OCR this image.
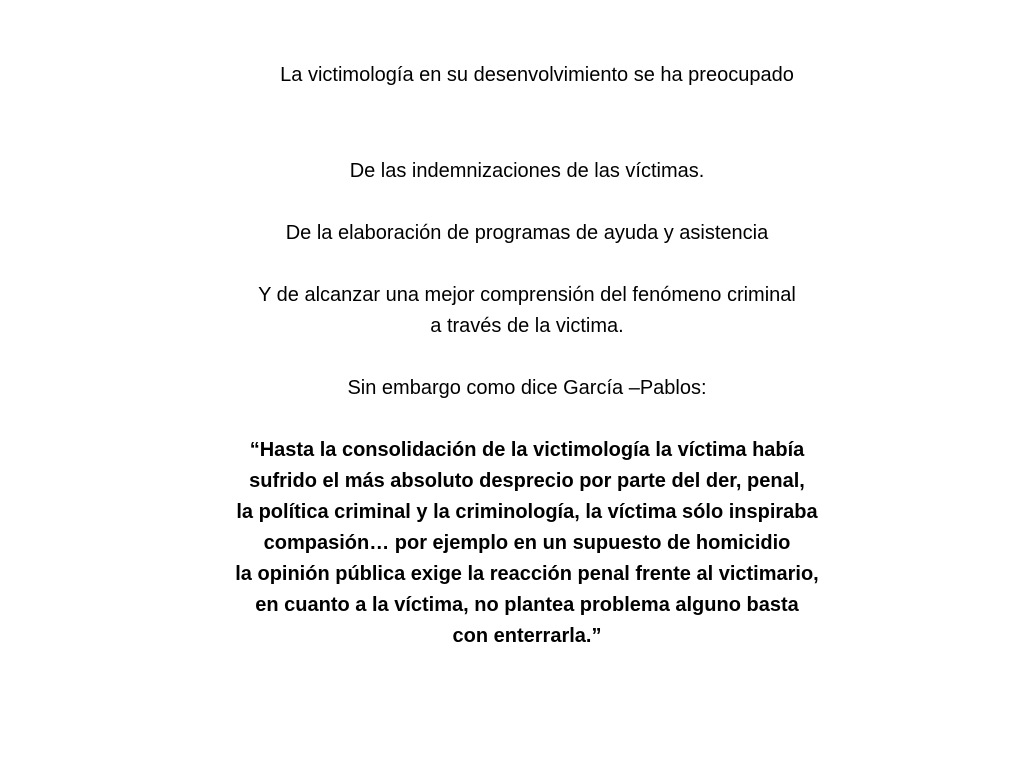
La victimología en su desenvolvimiento se ha preocupado

De las indemnizaciones de las víctimas.

De la elaboración de programas de ayuda y asistencia

Y de alcanzar una mejor comprensión del fenómeno criminal
a través de la victima.

Sin embargo como dice García –Pablos:

“Hasta la consolidación de la victimología la víctima había
sufrido el más absoluto desprecio por parte del der, penal,
la política criminal y la criminología, la víctima sólo inspiraba
compasión… por ejemplo en un supuesto de homicidio
la opinión pública exige la reacción penal frente al victimario,
en cuanto a la víctima, no plantea problema alguno basta
con enterrarla.”
